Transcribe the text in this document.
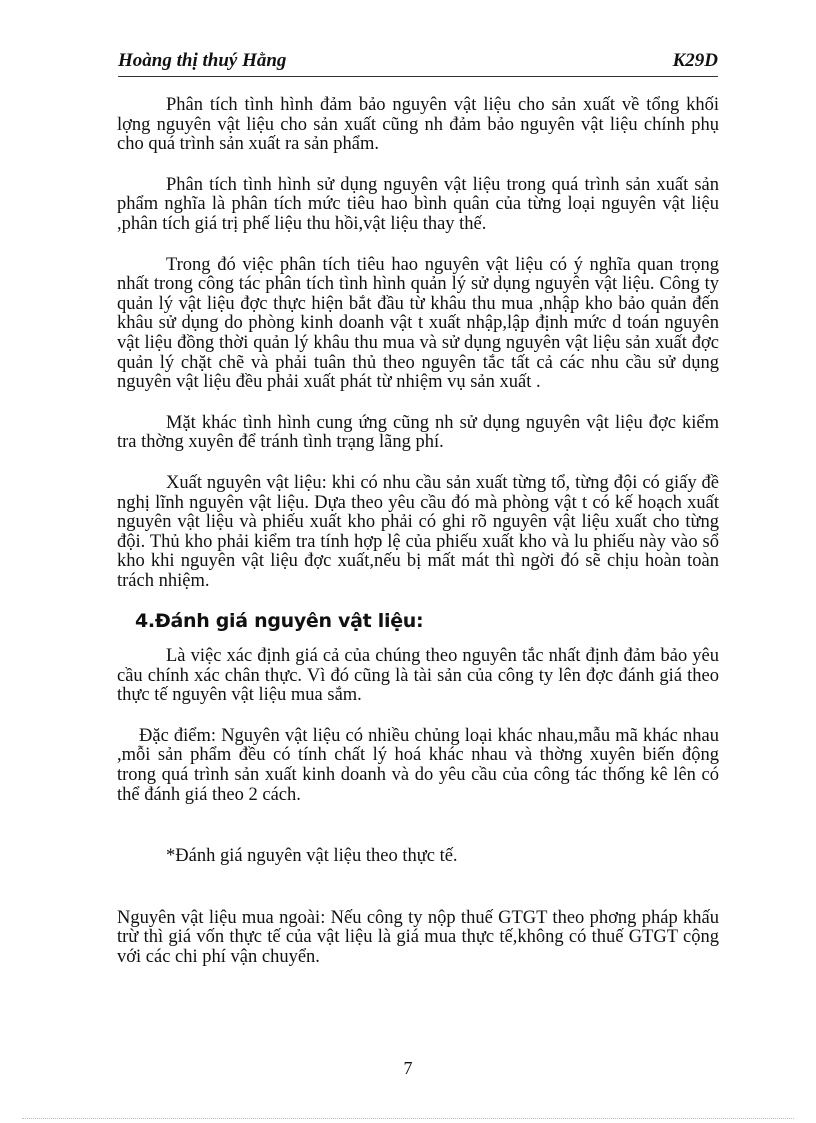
Hoàng thị thuý Hằng	K29D

Phân tích tình hình đảm bảo nguyên vật liệu cho sản xuất về tổng khối lợng nguyên vật liệu cho sản xuất cũng nh đảm bảo nguyên vật liệu chính phụ cho quá trình sản xuất ra sản phẩm.

Phân tích tình hình sử dụng nguyên vật liệu trong quá trình sản xuất sản phẩm nghĩa là phân tích mức tiêu hao bình quân của từng loại nguyên vật liệu ,phân tích giá trị phế liệu thu hồi,vật liệu thay thế.

Trong đó việc phân tích tiêu hao nguyên vật liệu có ý nghĩa quan trọng nhất trong công tác phân tích tình hình quản lý sử dụng nguyên vật liệu. Công ty quản lý vật liệu đợc thực hiện bắt đầu từ khâu thu mua ,nhập kho bảo quản đến khâu sử dụng do phòng kinh doanh vật t xuất nhập,lập định mức d toán nguyên vật liệu đồng thời quản lý khâu thu mua và sử dụng nguyên vật liệu sản xuất đợc quản lý chặt chẽ và phải tuân thủ theo nguyên tắc tất cả các nhu cầu sử dụng nguyên vật liệu đều phải xuất phát từ nhiệm vụ sản xuất .

Mặt khác tình hình cung ứng cũng nh sử dụng nguyên vật liệu đợc kiểm tra thờng xuyên để tránh tình trạng lãng phí.

Xuất nguyên vật liệu: khi có nhu cầu sản xuất từng tổ, từng đội có giấy đề nghị lĩnh nguyên vật liệu. Dựa theo yêu cầu đó mà phòng vật t có kế hoạch xuất nguyên vật liệu và phiếu xuất kho phải có ghi rõ nguyên vật liệu xuất cho từng đội. Thủ kho phải kiểm tra tính hợp lệ của phiếu xuất kho và lu phiếu này vào sổ kho khi nguyên vật liệu đợc xuất,nếu bị mất mát thì ngời đó sẽ chịu hoàn toàn trách nhiệm.

4.Đánh giá nguyên vật liệu:

Là việc xác định giá cả của chúng theo nguyên tắc nhất định đảm bảo yêu cầu chính xác chân thực. Vì đó cũng là tài sản của công ty lên đợc đánh giá theo thực tế nguyên vật liệu mua sắm.

Đặc điểm: Nguyên vật liệu có nhiều chủng loại khác nhau,mẫu mã khác nhau ,mỗi sản phẩm đều có tính chất lý hoá khác nhau và thờng xuyên biến động trong quá trình sản xuất kinh doanh và do yêu cầu của công tác thống kê lên có thể đánh giá theo 2 cách.

*Đánh giá nguyên vật liệu theo thực tế.

Nguyên vật liệu mua ngoài: Nếu công ty nộp thuế GTGT theo phơng pháp khấu trừ thì giá vốn thực tế của vật liệu là giá mua thực tế,không có thuế GTGT cộng với các chi phí vận chuyển.

7
